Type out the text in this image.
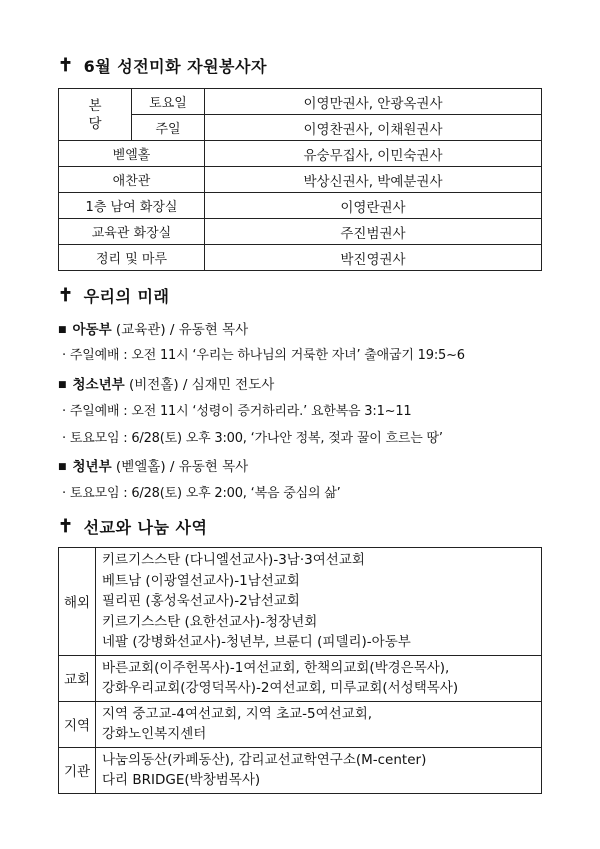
✝ 6월 성전미화 자원봉사자
본
당	토요일	이영만권사, 안광옥권사
	주일	이영찬권사, 이채원권사
벧엘홀		유숭무집사, 이민숙권사
애찬관		박상신권사, 박예분권사
1층 남여 화장실		이영란권사
교육관 화장실		주진범권사
정리 및 마루		박진영권사
✝ 우리의 미래
■ 아동부 (교육관) / 유동현 목사
· 주일예배 : 오전 11시 ‘우리는 하나님의 거룩한 자녀’ 출애굽기 19:5~6
■ 청소년부 (비전홀) / 심재민 전도사
· 주일예배 : 오전 11시 ‘성령이 증거하리라.’ 요한복음 3:1~11
· 토요모임 : 6/28(토) 오후 3:00, ‘가나안 정복, 젖과 꿀이 흐르는 땅’
■ 청년부 (벧엘홀) / 유동현 목사
· 토요모임 : 6/28(토) 오후 2:00, ‘복음 중심의 삶’
✝ 선교와 나눔 사역
해외	키르기스스탄 (다니엘선교사)-3남·3여선교회
베트남 (이광열선교사)-1남선교회
필리핀 (홍성욱선교사)-2남선교회
키르기스스탄 (요한선교사)-청장년회
네팔 (강병화선교사)-청년부, 브룬디 (피델리)-아동부

교회	바른교회(이주헌목사)-1여선교회, 한책의교회(박경은목사),
강화우리교회(강영덕목사)-2여선교회, 미루교회(서성택목사)

지역	지역 중고교-4여선교회, 지역 초교-5여선교회,
강화노인복지센터

기관	나눔의동산(카페동산), 감리교선교학연구소(M-center)
다리 BRIDGE(박창범목사)
